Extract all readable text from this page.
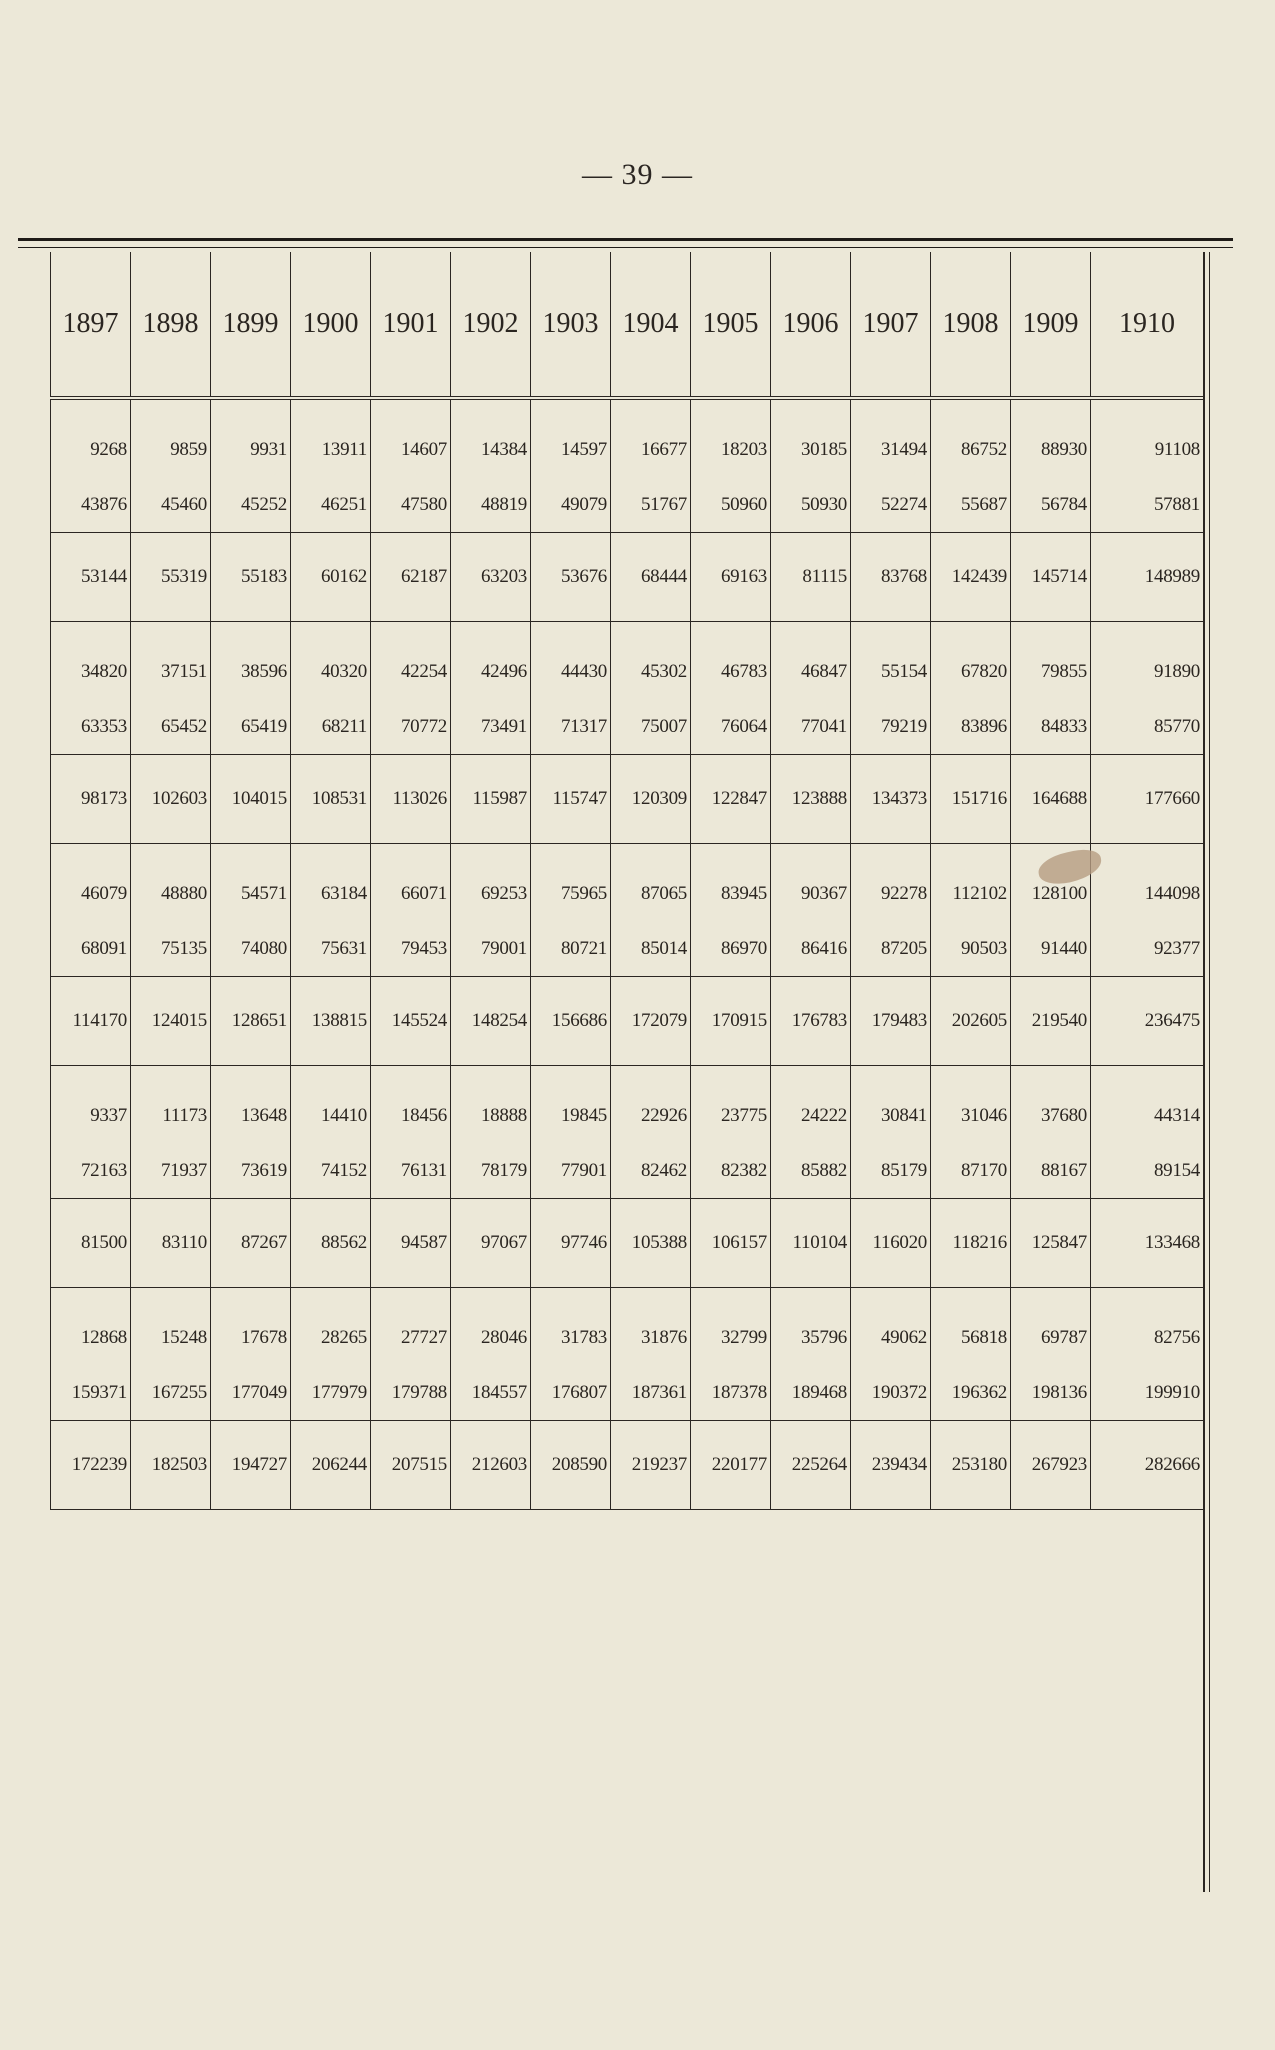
— 39 —
1897	1898	1899	1900	1901	1902	1903	1904	1905	1906	1907	1908	1909	1910
9268	9859	9931	13911	14607	14384	14597	16677	18203	30185	31494	86752	88930	91108
43876	45460	45252	46251	47580	48819	49079	51767	50960	50930	52274	55687	56784	57881
53144	55319	55183	60162	62187	63203	53676	68444	69163	81115	83768	142439	145714	148989
34820	37151	38596	40320	42254	42496	44430	45302	46783	46847	55154	67820	79855	91890
63353	65452	65419	68211	70772	73491	71317	75007	76064	77041	79219	83896	84833	85770
98173	102603	104015	108531	113026	115987	115747	120309	122847	123888	134373	151716	164688	177660
46079	48880	54571	63184	66071	69253	75965	87065	83945	90367	92278	112102	128100	144098
68091	75135	74080	75631	79453	79001	80721	85014	86970	86416	87205	90503	91440	92377
114170	124015	128651	138815	145524	148254	156686	172079	170915	176783	179483	202605	219540	236475
9337	11173	13648	14410	18456	18888	19845	22926	23775	24222	30841	31046	37680	44314
72163	71937	73619	74152	76131	78179	77901	82462	82382	85882	85179	87170	88167	89154
81500	83110	87267	88562	94587	97067	97746	105388	106157	110104	116020	118216	125847	133468
12868	15248	17678	28265	27727	28046	31783	31876	32799	35796	49062	56818	69787	82756
159371	167255	177049	177979	179788	184557	176807	187361	187378	189468	190372	196362	198136	199910
172239	182503	194727	206244	207515	212603	208590	219237	220177	225264	239434	253180	267923	282666
